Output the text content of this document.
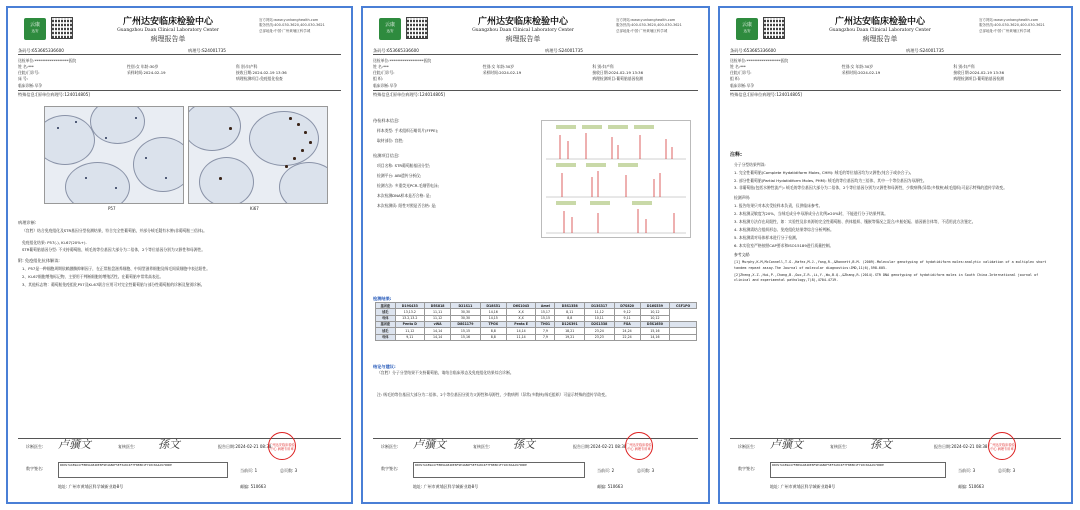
云康
达安
广州达安临床检验中心
Guangzhou Daan Clinical Laboratory Center
病理报告单
官方网站:www.yunkanghealth.com
服务热线:400-030-3620,400-030-3621
总部地址:中国·广州黄埔区科学城
条码号:653665336600	病理号:S24001735
送检单位:******************医院
姓 名:***	性别:女 年龄:30岁	科 别:妇产科
住院/门诊号:	采样时间:2024-02-19	接收日期:2024-02-19 13:36
床 号:	病理检测项目:免疫组化检查
临床诊断:早孕
特殊信息:[原单位病理号:124014805]
P57	Ki67
病理诊断:
（宫腔）结合免疫组化及STR基因分型检测结果，符合完全性葡萄胎，并部分绒毛疑有水肿(非葡萄胎三倍体)。
免疫组化结果: P57(-), Ki-67(20%+).
STR葡萄胎基因分型: 不支持葡萄胎，绒毛的等位基因大部分为二倍体，2个等位基因分别为父源性和母源性。
附: 免疫组化抗体解读:
1、P57是一种细胞周期依赖激酶抑制因子，在正常胎盘滋养细胞、中间型滋养细胞及绒毛间质细胞中表达阳性。
2、Ki-67细胞增殖标记物，主要用于判断细胞的增殖活性。在葡萄胎中常常高表达。
3、其他标志物：葡萄胎免疫组化P57及Ki-67联合应用可对完全性葡萄胎与部分性葡萄胎的诊断及鉴别诊断。
诊断医生: 卢骥文	复核医生: 孫文	报告日期:2024-02-21 08:38
广州达安临床检验中心 病理专用章
数字签名:
RDOS7A1B9A47F8B9A484DE8F9E4AB6F5EF3A8C4F7F8E8D1F710C8A4A979DDE
当前页: 1	总页数: 3
地址: 广州市黄埔区科学城新业路8号	邮编: 510663
云康
达安
广州达安临床检验中心
Guangzhou Daan Clinical Laboratory Center
病理报告单
官方网站:www.yunkanghealth.com
服务热线:400-030-3620,400-030-3621
总部地址:中国·广州黄埔区科学城
条码号:653665336600	病理号:S24001735
送检单位:******************医院
姓 名:***	性别:女 年龄:30岁	科 别:妇产科
住院/门诊号:	采样时间:2024-02-19	接收日期:2024-02-19 13:36
组 织:	病理检测项目:葡萄胎基因检测
临床诊断:早孕
特殊信息:[原单位病理号:124014805]
待检样本信息:
样本类型: 手术组织石蜡切片(FFPE);
取材部位: 宫腔;
检测项目信息:
项目名称: STR葡萄胎基因分型;
检测平台: ABI遗传分析仪;
检测方法: 多重荧光PCR-毛细管电泳;
本次检测DNA样本是否合格: 是;
本次检测质: 阳性对照是否合格: 是;
检测结果:
基因座	D19S433	D5S818	D21S11	D18S51	D6S1043	Amel	D3S1358	D13S317	D7S820	D16S539	CSF1PO
绒毛	13,13.2	11,11	30,30	14,16	X,X	15,17	8,11	11,12	9,12	10,12	
母体	13.2,13.2	11,12	30,30	14,15	X,X	15,15	8,8	10,11	9,11	10,12	
基因座	Penta D	vWA	D8S1179	TPOX	Penta E	TH01	D12S391	D2S1338	FGA	D5S1650	
绒毛	11,12	14,14	15,15	8,8	14,14	7,9	18,21	23,24	24,24	15,16	
母体	9,11	14,14	15,16	8,8	11,14	7,9	19,21	23,23	22,24	14,16	
结论与建议:
（宫腔）分子分型结果不支持葡萄胎，请结合临床形态及免疫组化结果综合诊断。
注: 绒毛的等位基因大部分为二倍体，2个等位基因分别为父源性和母源性，少数病例（异常(多数核)绒毛组织）可显示特殊的遗传学改变。
诊断医生: 卢骥文	复核医生: 孫文	报告日期:2024-02-21 08:38 广州达安临床检验中心 病理专用章
数字签名:
RDOS7A1B9A47F8B9A484DE8F9E4AB6F5EF3A8C4F7F8E8D1F710C8A4A979DDE
当前页: 2	总页数: 3
地址: 广州市黄埔区科学城新业路8号	邮编: 510663
云康
达安
广州达安临床检验中心
Guangzhou Daan Clinical Laboratory Center
病理报告单
官方网站:www.yunkanghealth.com
服务热线:400-030-3620,400-030-3621
总部地址:中国·广州黄埔区科学城
条码号:653665336600	病理号:S24001735
送检单位:******************医院
姓 名:***	性别:女 年龄:30岁	科 别:妇产科
住院/门诊号:	采样时间:2024-02-19	接收日期:2024-02-19 13:36
组 织:	病理检测项目:葡萄胎基因检测
临床诊断:早孕
特殊信息:[原单位病理号:124014805]
注释:
分子分型结果判读:
1. 完全性葡萄胎(Complete Hydatidiform Moles, CHM): 绒毛的等位基因均为父源性(纯合子或杂合子)。
2. 部分性葡萄胎(Partial Hydatidiform Moles, PHM): 绒毛的等位基因均为三倍体，其中一个等位基因为母源性。
3. 非葡萄胎(包括水肿性流产): 绒毛的等位基因大部分为二倍体，2个等位基因分别为父源性和母源性，少数病例(异常(多数核)绒毛组织)可显示特殊的遗传学改变。
检测声明:
1. 报告结果只对本次受检样本负责，仅供临床参考。
2. 本检测灵敏度为20%，当绒毛成分中母源成分占比例≥20%时，不能进行分子结果判读。
3. 本检测方法存在局限性，如：实验性及非来源的完全性葡萄胎、供体组织、镶嵌等情况之混合/多胎妊娠、基因嵌合体等，不适用此方法鉴定。
4. 本检测需结合组织形态、免疫组化结果等综合分析判断。
5. 本检测需对母体样本进行分子检测。
6. 本实验室严格按照CAP要求和ISO15189进行质量控制。
参考文献:
[1] Murphy,K.M,McConnell,T.G.,Hafez,M.J.,Yang,R.,&Ronnett,B.M. (2009).Molecular genotyping of hydatidiform moles:analytic validation of a multiplex short tandem repeat assay.The Journal of molecular diagnostics:JMD,11(6),598-605.
[2]Zheng,X.Z.,Hui,P.,Chang,B.,Guo,Z.R.,Li,Y.,Wu,B.Q.,&Zhang,R.(2014).STR DNA genotyping of hydatidiform moles in South China.International journal of clinical and experimental pathology,7(8),4704-4719.
诊断医生: 卢骥文	复核医生: 孫文	报告日期:2024-02-21 08:38 广州达安临床检验中心 病理专用章
数字签名:
RDOS7A1B9A47F8B9A484DE8F9E4AB6F5EF3A8C4F7F8E8D1F710C8A4A979DDE
当前页: 3	总页数: 3
地址: 广州市黄埔区科学城新业路8号	邮编: 510663
